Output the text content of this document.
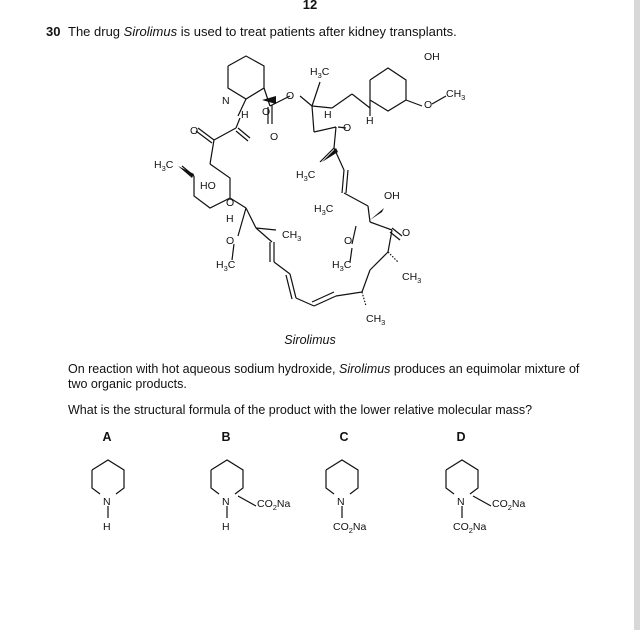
12
30 The drug Sirolimus is used to treat patients after kidney transplants.
N
H O
O
H	H
OH
O
O
O	O
HO
O
H
O
OH
O
O
$H_3C$
$CH_3$
$H_3C$
$H_3C$
$H_3C$
$CH_3$
$H_3C$	$H_3C$
$CH_3$
$CH_3$
Sirolimus
On reaction with hot aqueous sodium hydroxide, Sirolimus produces an equimolar mixture of two organic products.
What is the structural formula of the product with the lower relative molecular mass?
A	B	C	D
N
H
N
H
$CO_2Na$	N
$CO_2Na$
N
$CO_2Na$
$CO_2Na$
